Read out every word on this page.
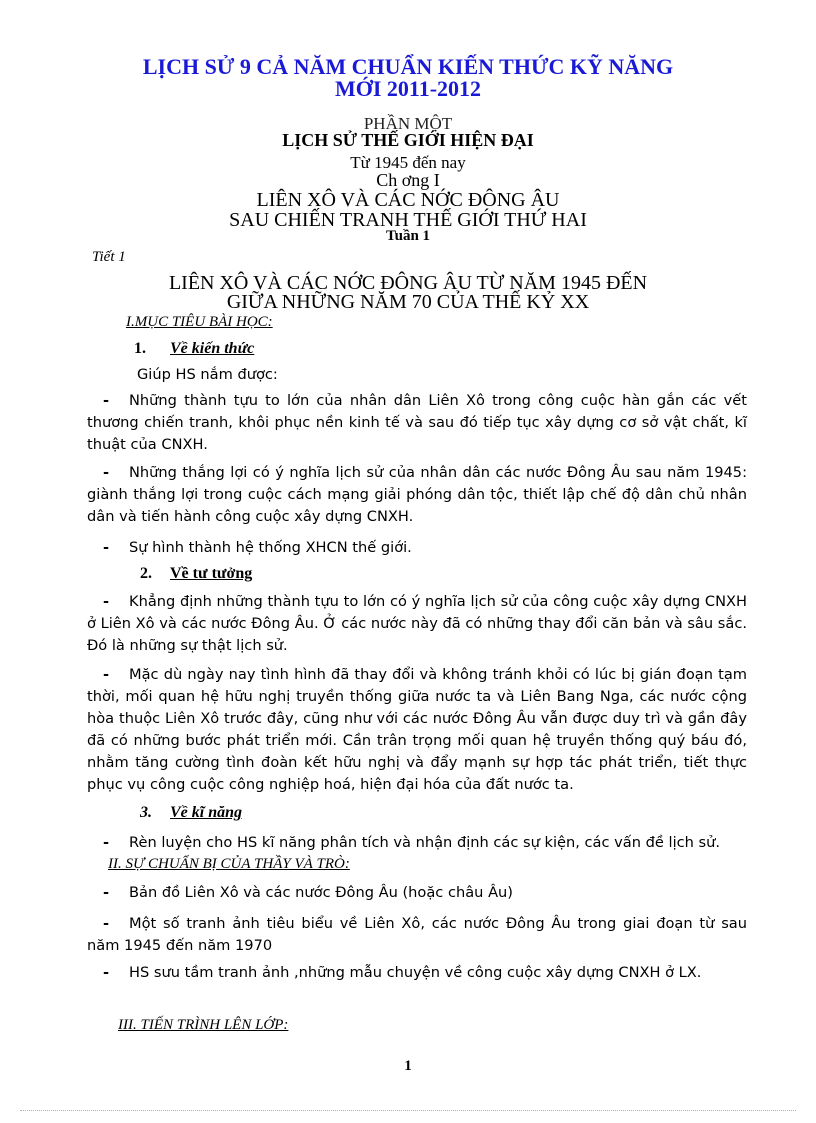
LỊCH SỬ 9 CẢ NĂM CHUẨN KIẾN THỨC KỸ NĂNG
MỚI 2011-2012
PHẦN MỘT
LỊCH SỬ THẾ GIỚI HIỆN ĐẠI
Từ 1945 đến nay
Ch ơng I
LIÊN XÔ VÀ CÁC NỚC ĐÔNG ÂU
SAU CHIẾN TRANH THẾ GIỚI THỨ HAI
Tuần 1
Tiết 1
LIÊN XÔ VÀ CÁC NỚC ĐÔNG ÂU TỪ NĂM 1945 ĐẾN
GIỮA NHỮNG NĂM 70 CỦA THẾ KỶ XX
I.MỤC TIÊU BÀI HỌC:
1. Về kiến thức
Giúp HS nắm được:
- Những thành tựu to lớn của nhân dân Liên Xô trong công cuộc hàn gắn các vết thương chiến tranh, khôi phục nền kinh tế và sau đó tiếp tục xây dựng cơ sở vật chất, kĩ thuật của CNXH.
- Những thắng lợi có ý nghĩa lịch sử của nhân dân các nước Đông Âu sau năm 1945: giành thắng lợi trong cuộc cách mạng giải phóng dân tộc, thiết lập chế độ dân chủ nhân dân và tiến hành công cuộc xây dựng CNXH.
- Sự hình thành hệ thống XHCN thế giới.
2. Về tư tưởng
- Khẳng định những thành tựu to lớn có ý nghĩa lịch sử của công cuộc xây dựng CNXH ở Liên Xô và các nước Đông Âu. Ở các nước này đã có những thay đổi căn bản và sâu sắc. Đó là những sự thật lịch sử.
- Mặc dù ngày nay tình hình đã thay đổi và không tránh khỏi có lúc bị gián đoạn tạm thời, mối quan hệ hữu nghị truyền thống giữa nước ta và Liên Bang Nga, các nước cộng hòa thuộc Liên Xô trước đây, cũng như với các nước Đông Âu vẫn được duy trì và gần đây đã có những bước phát triển mới. Cần trân trọng mối quan hệ truyền thống quý báu đó, nhằm tăng cường tình đoàn kết hữu nghị và đẩy mạnh sự hợp tác phát triển, tiết thực phục vụ công cuộc công nghiệp hoá, hiện đại hóa của đất nước ta.
3. Về kĩ năng
- Rèn luyện cho HS kĩ năng phân tích và nhận định các sự kiện, các vấn đề lịch sử.
II. SỰ CHUẨN BỊ CỦA THẦY VÀ TRÒ:
- Bản đồ Liên Xô và các nước Đông Âu (hoặc châu Âu)
- Một số tranh ảnh tiêu biểu về Liên Xô, các nước Đông Âu trong giai đoạn từ sau năm 1945 đến năm 1970
- HS sưu tầm tranh ảnh ,những mẫu chuyện về công cuộc xây dựng CNXH ở LX.
III. TIẾN TRÌNH LÊN LỚP:
1
